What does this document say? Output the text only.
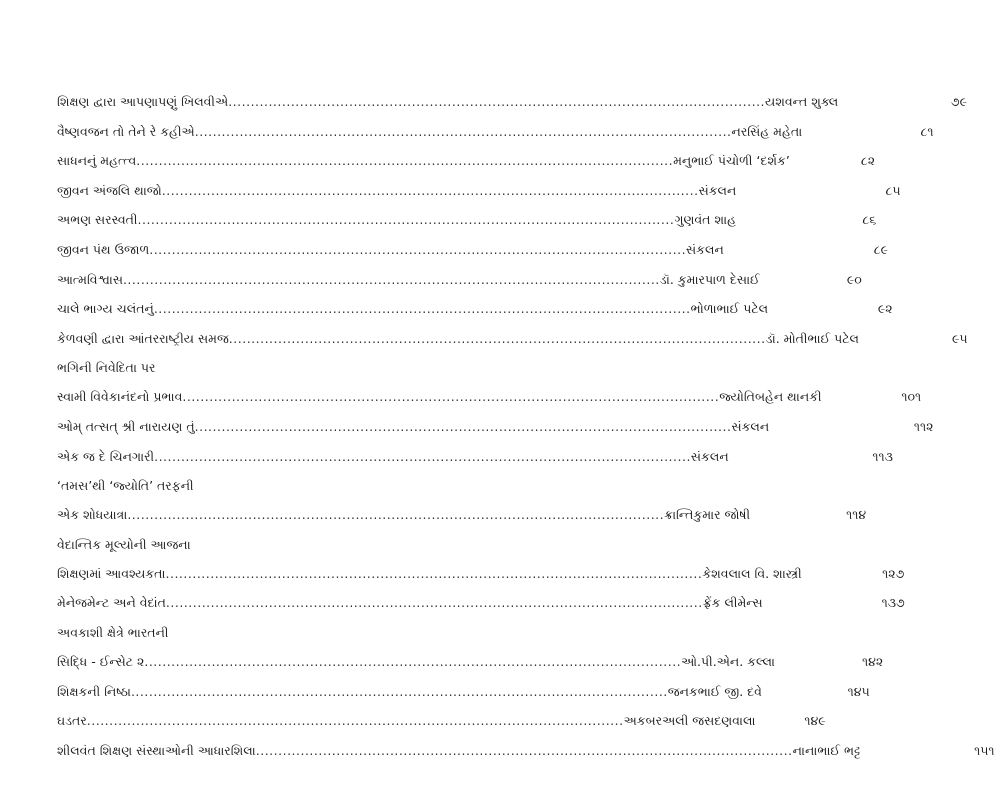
શિક્ષણ દ્વારા આપણાપણું ખિલવીએ ........................................................................................................................ યશવન્ત શુક્લ	૭૯
વૈષ્ણવજન તો તેને રે કહીએ ........................................................................................................................ નરસિંહ મહેતા	૮૧
સાધનનું મહત્ત્વ ........................................................................................................................ મનુભાઈ પંચોળી ‘દર્શક’	૮૨
જીવન અંજલિ થાજો ........................................................................................................................ સંકલન	૮૫
અભણ સરસ્વતી ........................................................................................................................ ગુણવંત શાહ	૮૬
જીવન પંથ ઉજાળ ........................................................................................................................ સંકલન	૮૯
આત્મવિશ્વાસ ........................................................................................................................ ડૉ. કુમારપાળ દેસાઈ	૯૦
ચાલે ભાગ્ય ચલંતનું ........................................................................................................................ ભોળાભાઈ પટેલ	૯૨
કેળવણી દ્વારા આંતરરાષ્ટ્રીય સમજ ........................................................................................................................ ડૉ. મોતીભાઈ પટેલ	૯૫
ભગિની નિવેદિતા પર
સ્વામી વિવેકાનંદનો પ્રભાવ ........................................................................................................................ જ્યોતિબહેન થાનકી	૧૦૧
ઓમ્ તત્સત્ શ્રી નારાયણ તું ........................................................................................................................ સંકલન	૧૧૨
એક જ દે ચિનગારી ........................................................................................................................ સંકલન	૧૧૩
‘તમસ’થી ‘જ્યોતિ’ તરફની
એક શોધયાત્રા ........................................................................................................................ ક્રાન્તિકુમાર જોષી	૧૧૪
વેદાન્તિક મૂલ્યોની આજના
શિક્ષણમાં આવશ્યકતા ........................................................................................................................ કેશવલાલ વિ. શાસ્ત્રી	૧૨૭
મેનેજમેન્ટ અને વેદાંત ........................................................................................................................ ફ્રેંક લીમેન્સ	૧૩૭
અવકાશી ક્ષેત્રે ભારતની
સિદ્ધિ - ઈન્સેટ ૨ ........................................................................................................................ ઓ.પી.એન. કલ્લા	૧૪૨
શિક્ષકની નિષ્ઠા ........................................................................................................................ જનકભાઈ જી. દવે	૧૪૫
ઘડતર ........................................................................................................................ અકબરઅલી જસદણવાલા	૧૪૯
શીલવંત શિક્ષણ સંસ્થાઓની આધારશિલા ........................................................................................................................ નાનાભાઈ ભટ્ટ	૧૫૧
